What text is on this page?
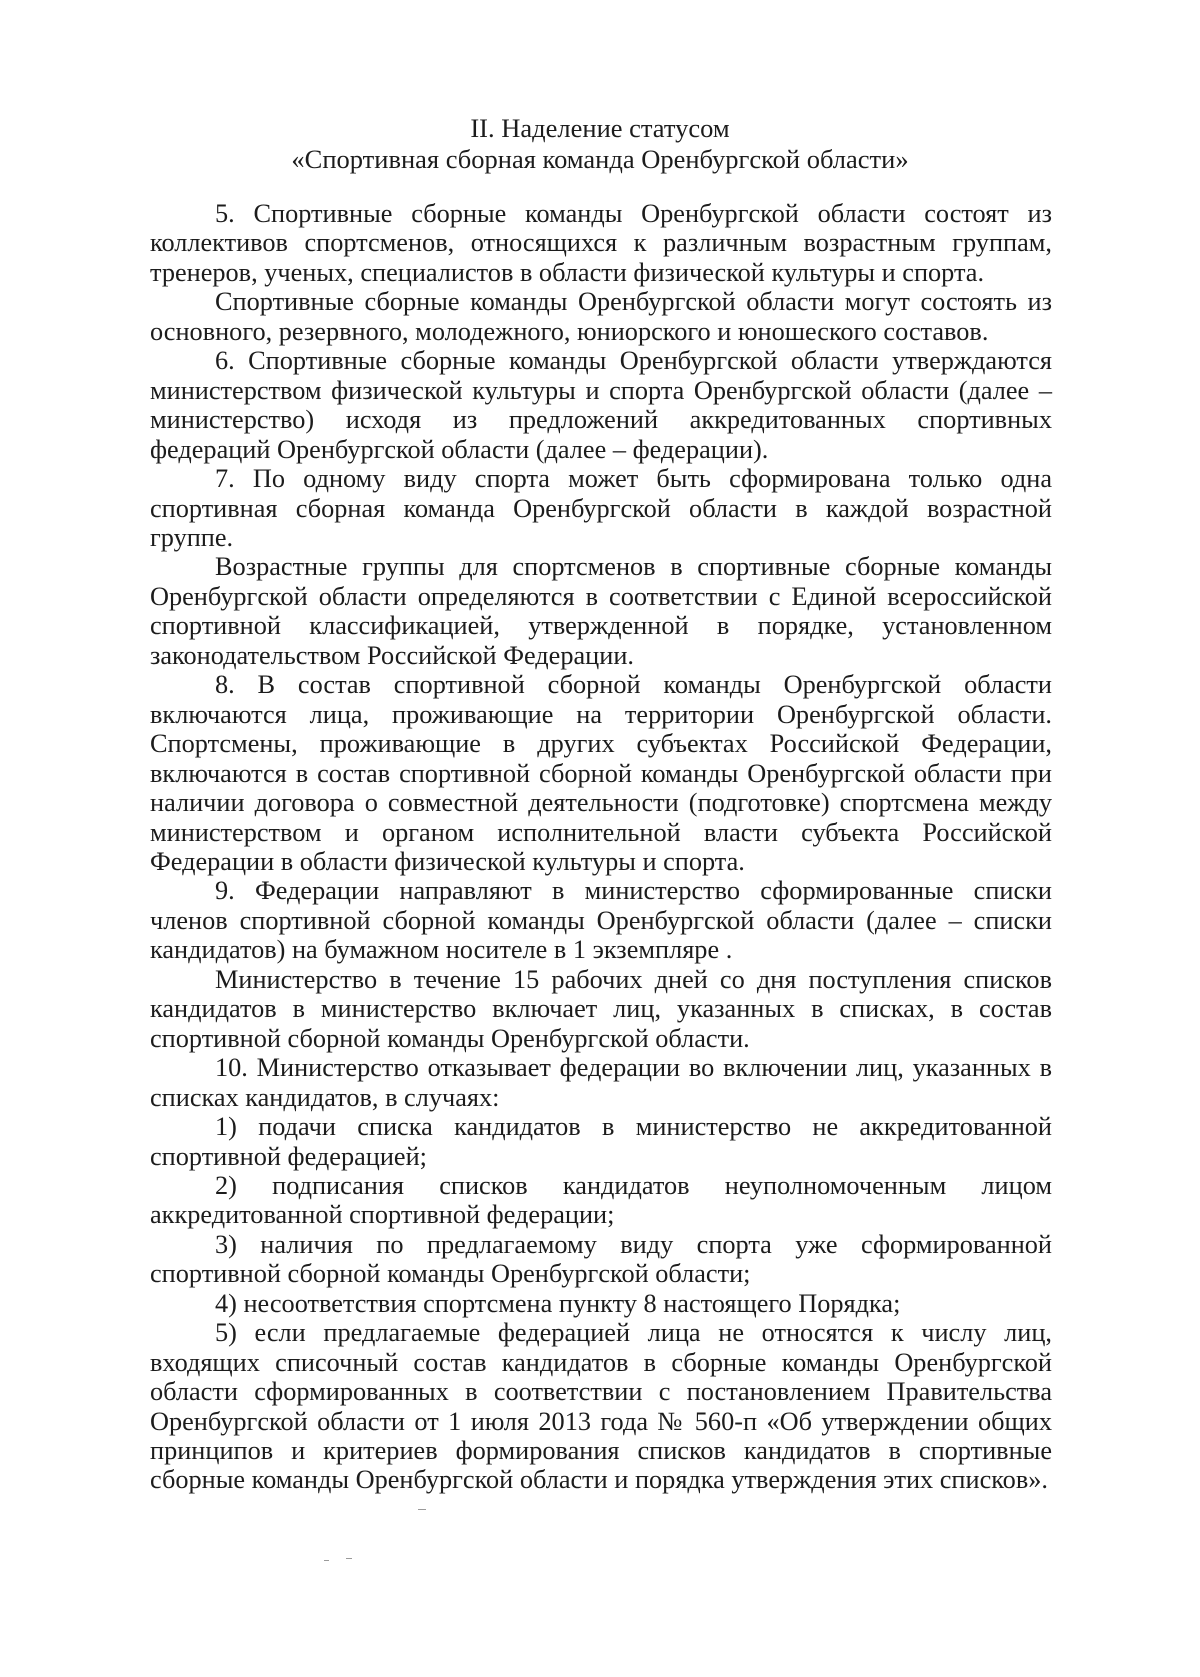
II. Наделение статусом
«Спортивная сборная команда Оренбургской области»

5. Спортивные сборные команды Оренбургской области состоят из коллективов спортсменов, относящихся к различным возрастным группам, тренеров, ученых, специалистов в области физической культуры и спорта.

Спортивные сборные команды Оренбургской области могут состоять из основного, резервного, молодежного, юниорского и юношеского составов.

6. Спортивные сборные команды Оренбургской области утверждаются министерством физической культуры и спорта Оренбургской области (далее – министерство) исходя из предложений аккредитованных спортивных федераций Оренбургской области (далее – федерации).

7. По одному виду спорта может быть сформирована только одна спортивная сборная команда Оренбургской области в каждой возрастной группе.

Возрастные группы для спортсменов в спортивные сборные команды Оренбургской области определяются в соответствии с Единой всероссийской спортивной классификацией, утвержденной в порядке, установленном законодательством Российской Федерации.

8. В состав спортивной сборной команды Оренбургской области включаются лица, проживающие на территории Оренбургской области. Спортсмены, проживающие в других субъектах Российской Федерации, включаются в состав спортивной сборной команды Оренбургской области при наличии договора о совместной деятельности (подготовке) спортсмена между министерством и органом исполнительной власти субъекта Российской Федерации в области физической культуры и спорта.

9. Федерации направляют в министерство сформированные списки членов спортивной сборной команды Оренбургской области (далее – списки кандидатов) на бумажном носителе в 1 экземпляре .

Министерство в течение 15 рабочих дней со дня поступления списков кандидатов в министерство включает лиц, указанных в списках, в состав спортивной сборной команды Оренбургской области.

10. Министерство отказывает федерации во включении лиц, указанных в списках кандидатов, в случаях:

1) подачи списка кандидатов в министерство не аккредитованной спортивной федерацией;

2) подписания списков кандидатов неуполномоченным лицом аккредитованной спортивной федерации;

3) наличия по предлагаемому виду спорта уже сформированной спортивной сборной команды Оренбургской области;

4) несоответствия спортсмена пункту 8 настоящего Порядка;

5) если предлагаемые федерацией лица не относятся к числу лиц, входящих списочный состав кандидатов в сборные команды Оренбургской области сформированных в соответствии с постановлением Правительства Оренбургской области от 1 июля 2013 года № 560-п «Об утверждении общих принципов и критериев формирования списков кандидатов в спортивные сборные команды Оренбургской области и порядка утверждения этих списков».
